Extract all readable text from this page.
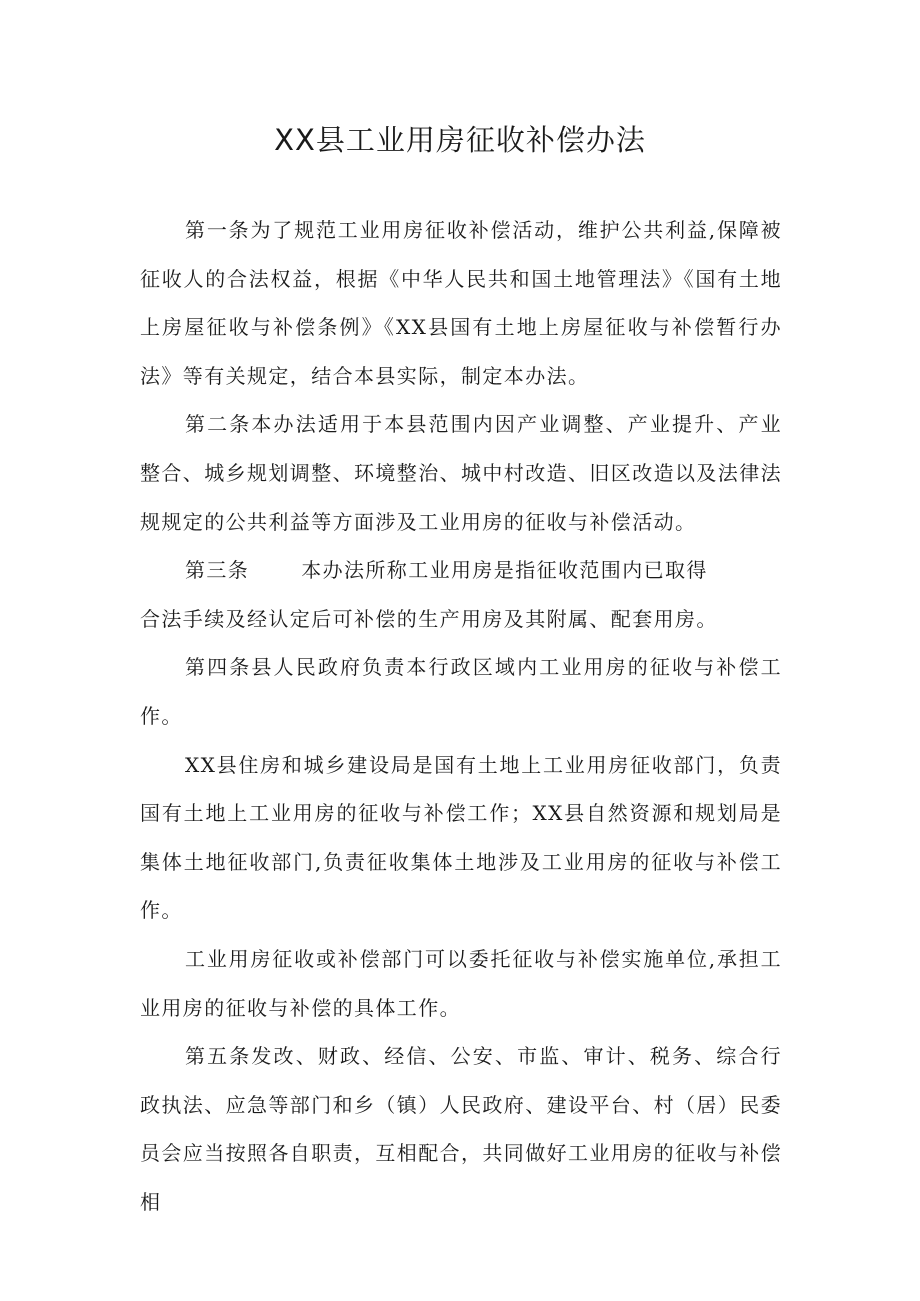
XX县工业用房征收补偿办法

第一条为了规范工业用房征收补偿活动，维护公共利益,保障被征收人的合法权益，根据《中华人民共和国土地管理法》《国有土地上房屋征收与补偿条例》《XX县国有土地上房屋征收与补偿暂行办法》等有关规定，结合本县实际，制定本办法。

第二条本办法适用于本县范围内因产业调整、产业提升、产业整合、城乡规划调整、环境整治、城中村改造、旧区改造以及法律法规规定的公共利益等方面涉及工业用房的征收与补偿活动。

第三条	本办法所称工业用房是指征收范围内已取得
合法手续及经认定后可补偿的生产用房及其附属、配套用房。

第四条县人民政府负责本行政区域内工业用房的征收与补偿工作。

XX县住房和城乡建设局是国有土地上工业用房征收部门，负责国有土地上工业用房的征收与补偿工作；XX县自然资源和规划局是集体土地征收部门,负责征收集体土地涉及工业用房的征收与补偿工作。

工业用房征收或补偿部门可以委托征收与补偿实施单位,承担工业用房的征收与补偿的具体工作。

第五条发改、财政、经信、公安、市监、审计、税务、综合行政执法、应急等部门和乡（镇）人民政府、建设平台、村（居）民委员会应当按照各自职责，互相配合，共同做好工业用房的征收与补偿相
